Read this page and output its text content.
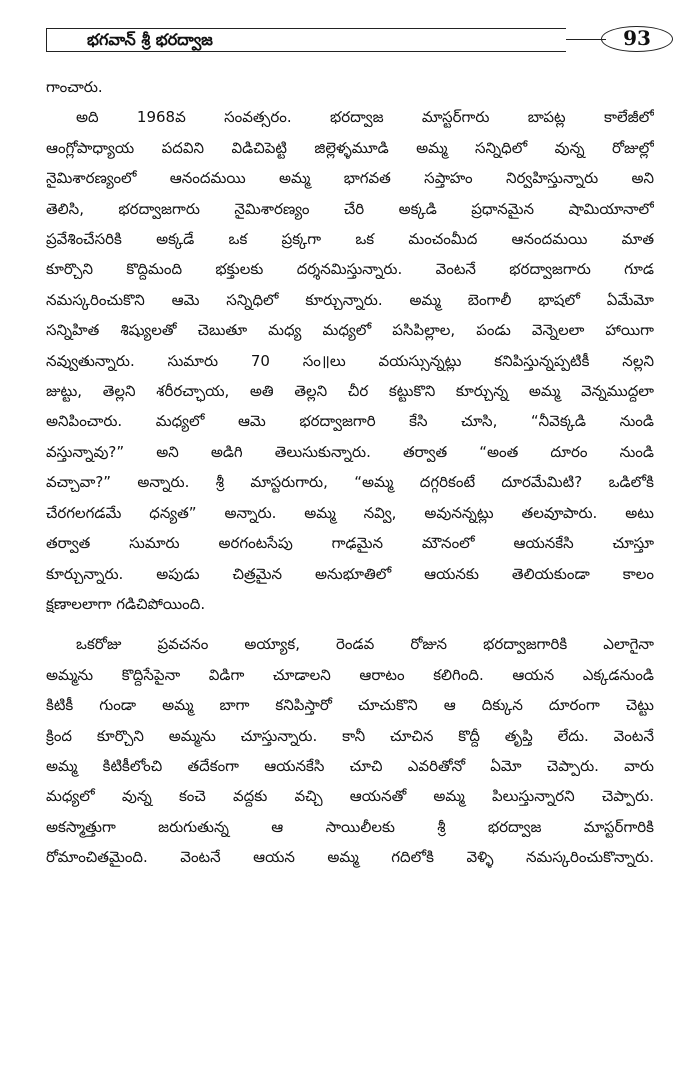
భగవాన్ శ్రీ భరద్వాజ	93

గాంచారు.

అది 1968వ సంవత్సరం. భరద్వాజ మాస్టర్‌గారు బాపట్ల కాలేజీలో
ఆంగ్లోపాధ్యాయ పదవిని విడిచిపెట్టి జిల్లెళ్ళమూడి అమ్మ సన్నిధిలో వున్న రోజుల్లో
నైమిశారణ్యంలో ఆనందమయి అమ్మ భాగవత సప్తాహం నిర్వహిస్తున్నారు అని
తెలిసి, భరద్వాజగారు నైమిశారణ్యం చేరి అక్కడి ప్రధానమైన షామియానాలో
ప్రవేశించేసరికి అక్కడే ఒక ప్రక్కగా ఒక మంచంమీద ఆనందమయి మాత
కూర్చొని కొద్దిమంది భక్తులకు దర్శనమిస్తున్నారు. వెంటనే భరద్వాజగారు గూడ
నమస్కరించుకొని ఆమె సన్నిధిలో కూర్చున్నారు. అమ్మ బెంగాలీ భాషలో ఏమేమో
సన్నిహిత శిష్యులతో చెబుతూ మధ్య మధ్యలో పసిపిల్లాల, పండు వెన్నెలలా హాయిగా
నవ్వుతున్నారు. సుమారు 70 సం॥లు వయస్సున్నట్లు కనిపిస్తున్నప్పటికీ నల్లని
జుట్టు, తెల్లని శరీరచ్ఛాయ, అతి తెల్లని చీర కట్టుకొని కూర్చున్న అమ్మ వెన్నముద్దలా
అనిపించారు. మధ్యలో ఆమె భరద్వాజగారి కేసి చూసి, “నీవెక్కడి నుండి
వస్తున్నావు?” అని అడిగి తెలుసుకున్నారు. తర్వాత “అంత దూరం నుండి
వచ్చావా?” అన్నారు. శ్రీ మాస్టరుగారు, “అమ్మ దగ్గరికంటే దూరమేమిటి? ఒడిలోకి
చేరగలగడమే ధన్యత” అన్నారు. అమ్మ నవ్వి, అవునన్నట్లు తలవూపారు. అటు
తర్వాత సుమారు అరగంటసేపు గాఢమైన మౌనంలో ఆయనకేసి చూస్తూ
కూర్చున్నారు. అపుడు చిత్రమైన అనుభూతిలో ఆయనకు తెలియకుండా కాలం
క్షణాలలాగా గడిచిపోయింది.

ఒకరోజు ప్రవచనం అయ్యాక, రెండవ రోజున భరద్వాజగారికి ఎలాగైనా
అమ్మను కొద్దిసేపైనా విడిగా చూడాలని ఆరాటం కలిగింది. ఆయన ఎక్కడనుండి
కిటికీ గుండా అమ్మ బాగా కనిపిస్తారో చూచుకొని ఆ దిక్కున దూరంగా చెట్టు
క్రింద కూర్చొని అమ్మను చూస్తున్నారు. కానీ చూచిన కొద్దీ తృప్తి లేదు. వెంటనే
అమ్మ కిటికీలోంచి తదేకంగా ఆయనకేసి చూచి ఎవరితోనో ఏమో చెప్పారు. వారు
మధ్యలో వున్న కంచె వద్దకు వచ్చి ఆయనతో అమ్మ పిలుస్తున్నారని చెప్పారు.
అకస్మాత్తుగా జరుగుతున్న ఆ సాయిలీలకు శ్రీ భరద్వాజ మాస్టర్‌గారికి
రోమాంచితమైంది. వెంటనే ఆయన అమ్మ గదిలోకి వెళ్ళి నమస్కరించుకొన్నారు.
